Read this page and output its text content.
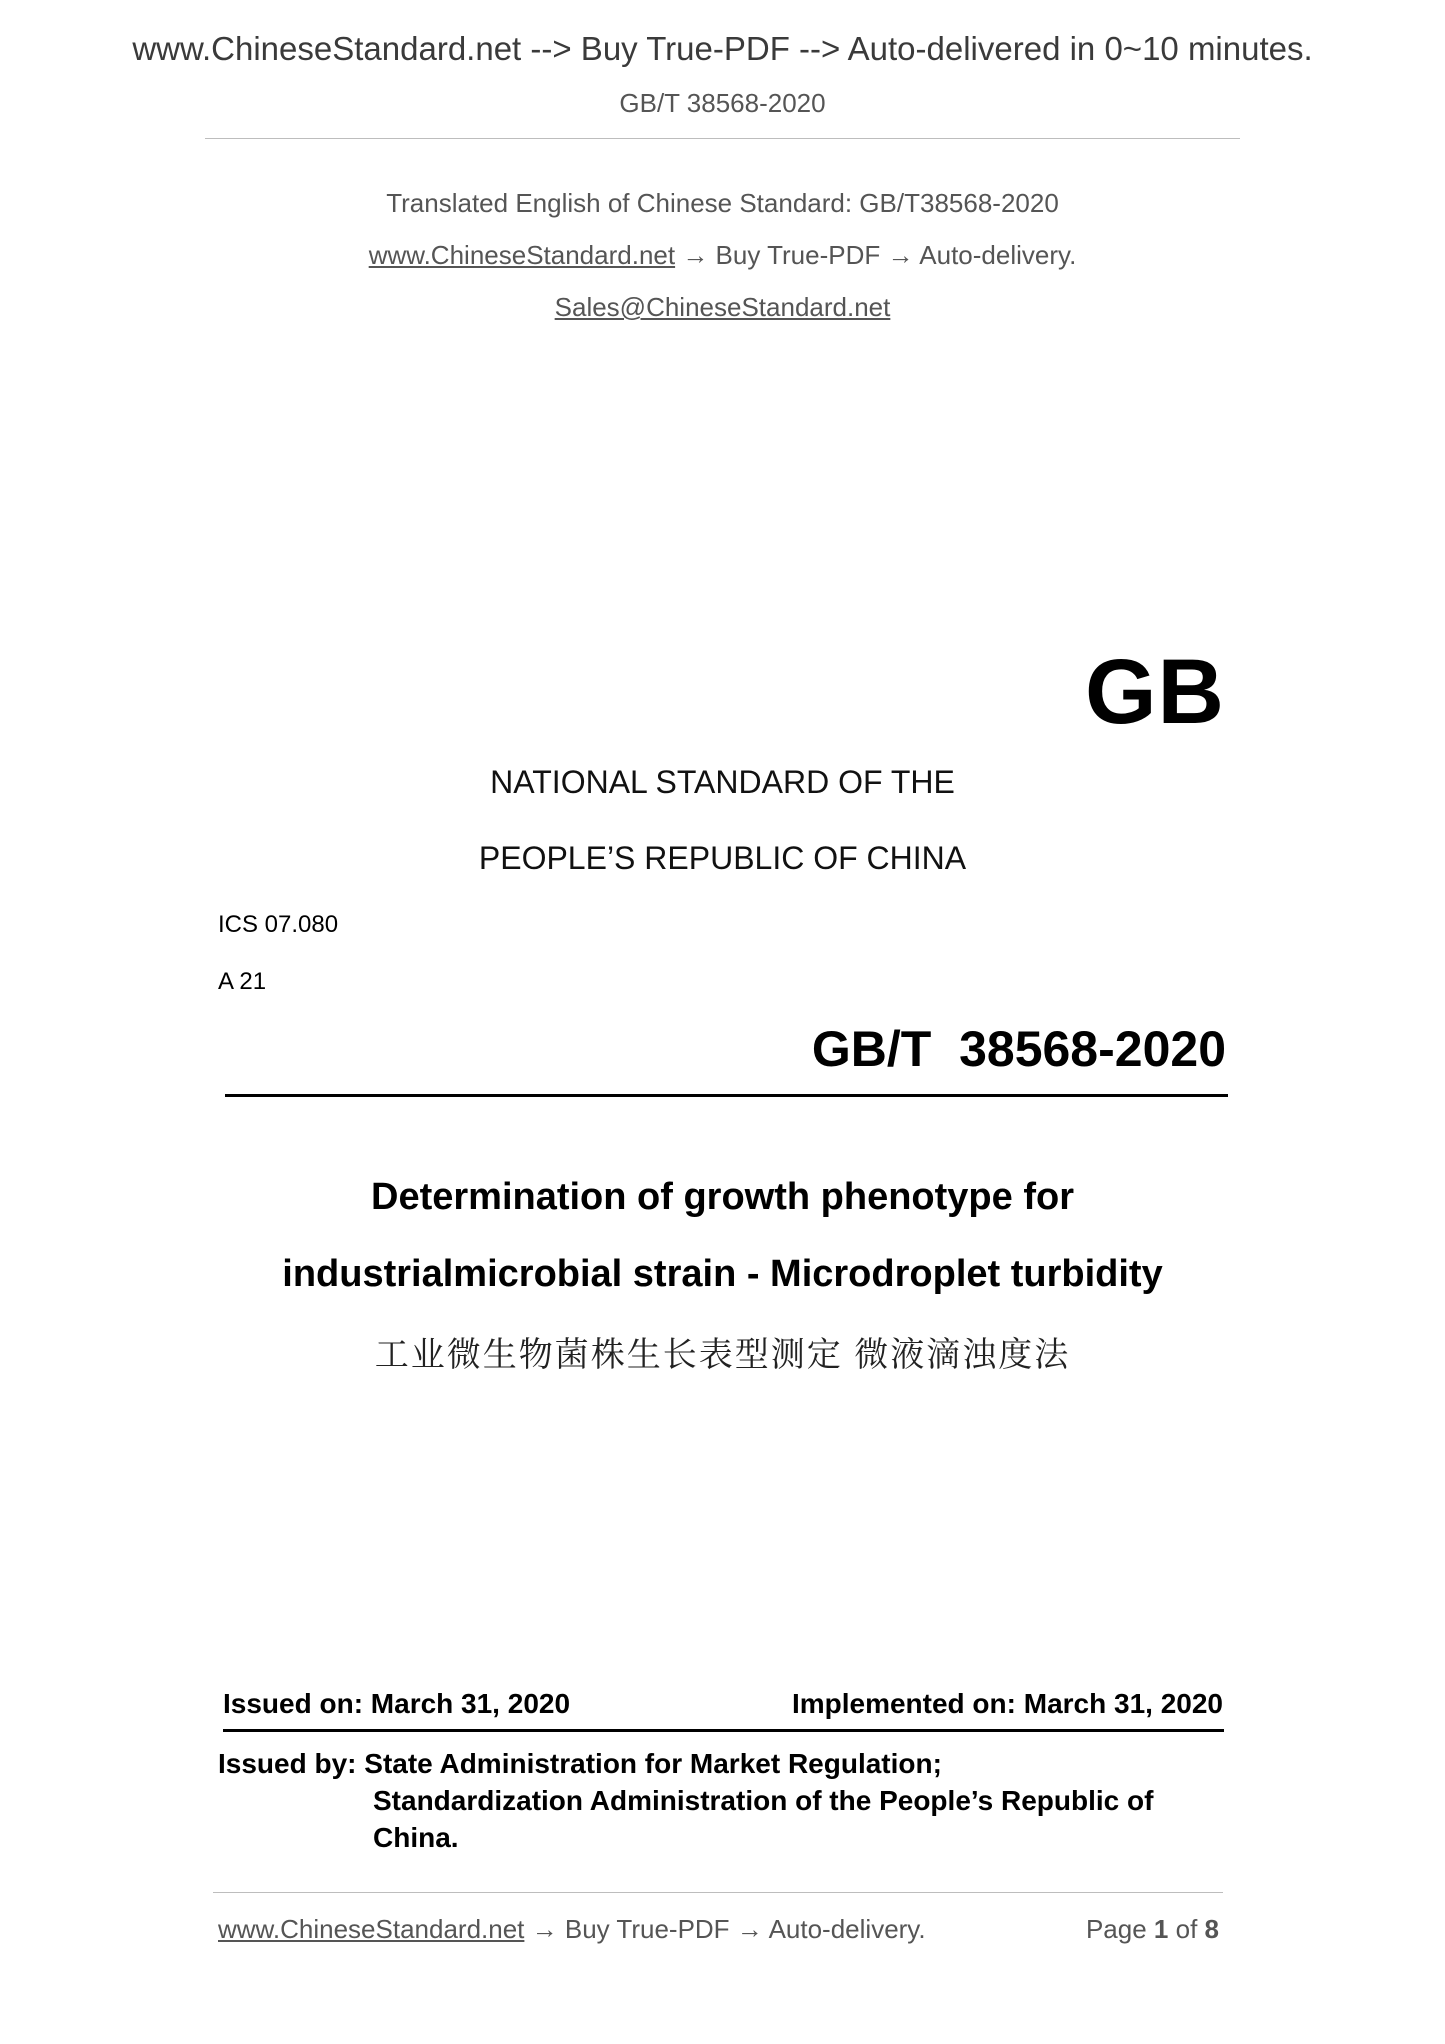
www.ChineseStandard.net --> Buy True-PDF --> Auto-delivered in 0~10 minutes.
GB/T 38568-2020
Translated English of Chinese Standard: GB/T38568-2020
www.ChineseStandard.net → Buy True-PDF → Auto-delivery.
Sales@ChineseStandard.net
GB
NATIONAL STANDARD OF THE
PEOPLE’S REPUBLIC OF CHINA
ICS 07.080
A 21
GB/T  38568-2020
Determination of growth phenotype for
industrialmicrobial strain - Microdroplet turbidity
工业微生物菌株生长表型测定 微液滴浊度法
Issued on: March 31, 2020	Implemented on: March 31, 2020
Issued by: State Administration for Market Regulation;
Standardization Administration of the People’s Republic of China.
www.ChineseStandard.net → Buy True-PDF → Auto-delivery.	Page 1 of 8
